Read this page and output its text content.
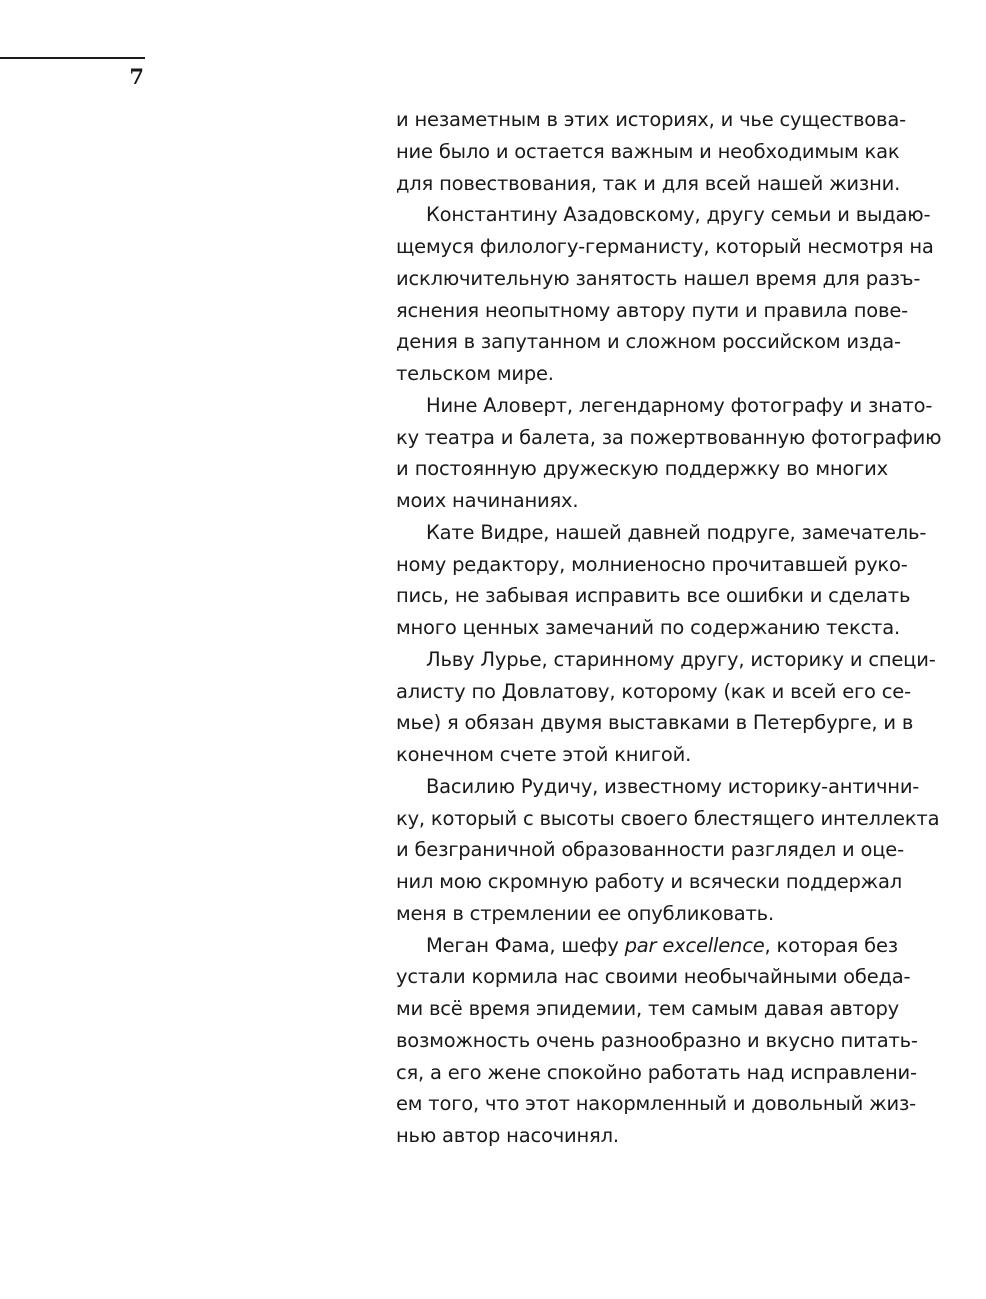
7
и незаметным в этих историях, и чье существова-
ние было и остается важным и необходимым как
для повествования, так и для всей нашей жизни.
Константину Азадовскому, другу семьи и выдаю-
щемуся филологу-германисту, который несмотря на
исключительную занятость нашел время для разъ-
яснения неопытному автору пути и правила пове-
дения в запутанном и сложном российском изда-
тельском мире.
Нине Аловерт, легендарному фотографу и знато-
ку театра и балета, за пожертвованную фотографию
и постоянную дружескую поддержку во многих
моих начинаниях.
Кате Видре, нашей давней подруге, замечатель-
ному редактору, молниеносно прочитавшей руко-
пись, не забывая исправить все ошибки и сделать
много ценных замечаний по содержанию текста.
Льву Лурье, старинному другу, историку и специ-
алисту по Довлатову, которому (как и всей его се-
мье) я обязан двумя выставками в Петербурге, и в
конечном счете этой книгой.
Василию Рудичу, известному историку-антични-
ку, который с высоты своего блестящего интеллекта
и безграничной образованности разглядел и оце-
нил мою скромную работу и всячески поддержал
меня в стремлении ее опубликовать.
Меган Фама, шефу par excellence , которая без
устали кормила нас своими необычайными обеда-
ми всё время эпидемии, тем самым давая автору
возможность очень разнообразно и вкусно питать-
ся, а его жене спокойно работать над исправлени-
ем того, что этот накормленный и довольный жиз-
нью автор насочинял.
